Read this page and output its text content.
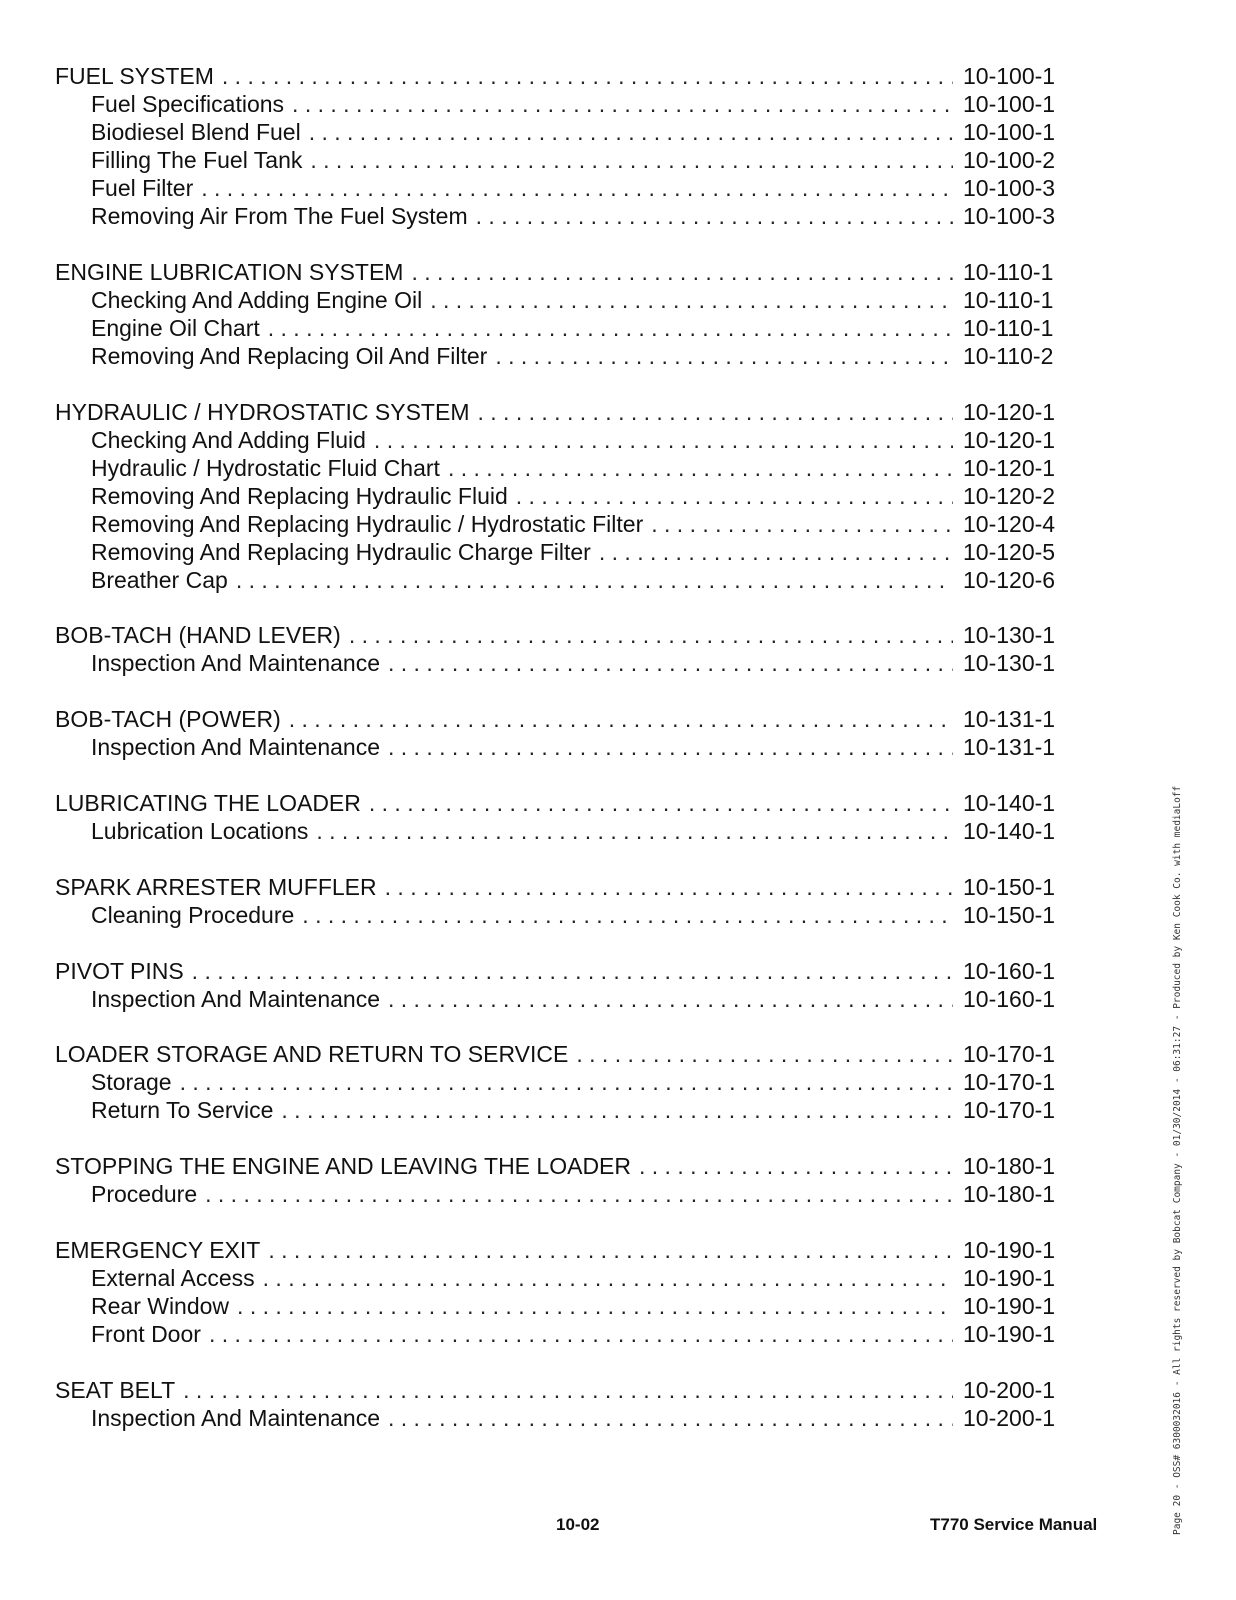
FUEL SYSTEM . . .	10-100-1
Fuel Specifications . . .	10-100-1
Biodiesel Blend Fuel . . .	10-100-1
Filling The Fuel Tank . . .	10-100-2
Fuel Filter . . .	10-100-3
Removing Air From The Fuel System . . .	10-100-3
ENGINE LUBRICATION SYSTEM . . .	10-110-1
Checking And Adding Engine Oil . . .	10-110-1
Engine Oil Chart . . .	10-110-1
Removing And Replacing Oil And Filter . . .	10-110-2
HYDRAULIC / HYDROSTATIC SYSTEM . . .	10-120-1
Checking And Adding Fluid . . .	10-120-1
Hydraulic / Hydrostatic Fluid Chart . . .	10-120-1
Removing And Replacing Hydraulic Fluid . . .	10-120-2
Removing And Replacing Hydraulic / Hydrostatic Filter . . .	10-120-4
Removing And Replacing Hydraulic Charge Filter . . .	10-120-5
Breather Cap . . .	10-120-6
BOB-TACH (HAND LEVER) . . .	10-130-1
Inspection And Maintenance . . .	10-130-1
BOB-TACH (POWER) . . .	10-131-1
Inspection And Maintenance . . .	10-131-1
LUBRICATING THE LOADER . . .	10-140-1
Lubrication Locations . . .	10-140-1
SPARK ARRESTER MUFFLER . . .	10-150-1
Cleaning Procedure . . .	10-150-1
PIVOT PINS . . .	10-160-1
Inspection And Maintenance . . .	10-160-1
LOADER STORAGE AND RETURN TO SERVICE . . .	10-170-1
Storage . . .	10-170-1
Return To Service . . .	10-170-1
STOPPING THE ENGINE AND LEAVING THE LOADER . . .	10-180-1
Procedure . . .	10-180-1
EMERGENCY EXIT . . .	10-190-1
External Access . . .	10-190-1
Rear Window . . .	10-190-1
Front Door . . .	10-190-1
SEAT BELT . . .	10-200-1
Inspection And Maintenance . . .	10-200-1
10-02	T770 Service Manual	Page 20 - OSS# 6300032016 - All rights reserved by Bobcat Company - 01/30/2014 - 06:31:27 - Produced by Ken Cook Co. with mediaLoff
